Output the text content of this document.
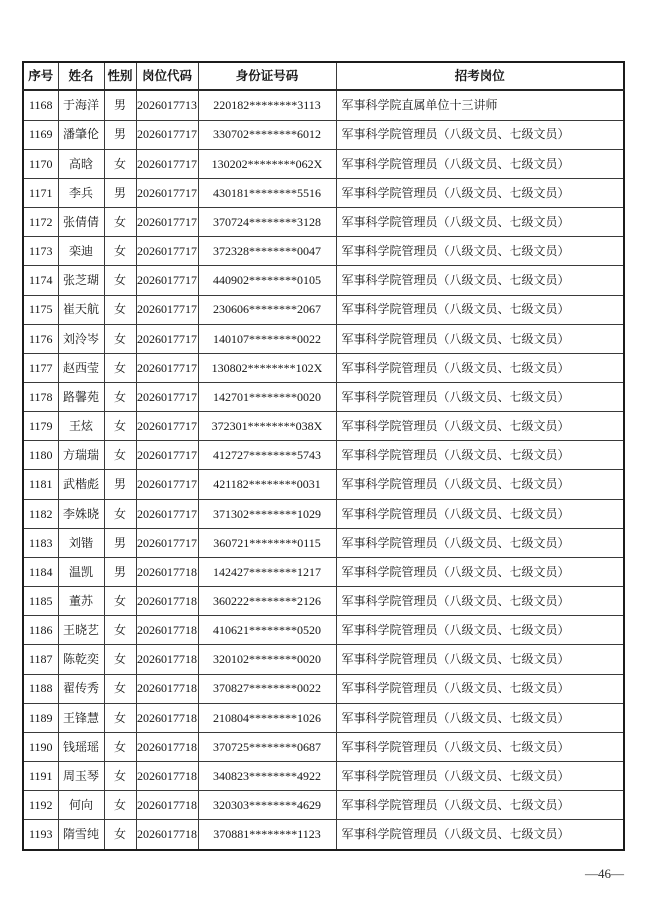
序号	姓名	性别	岗位代码	身份证号码	招考岗位
1168	于海洋	男	2026017713	220182********3113	军事科学院直属单位十三讲师
1169	潘肇伦	男	2026017717	330702********6012	军事科学院管理员（八级文员、七级文员）
1170	高晗	女	2026017717	130202********062X	军事科学院管理员（八级文员、七级文员）
1171	李兵	男	2026017717	430181********5516	军事科学院管理员（八级文员、七级文员）
1172	张倩倩	女	2026017717	370724********3128	军事科学院管理员（八级文员、七级文员）
1173	栾迪	女	2026017717	372328********0047	军事科学院管理员（八级文员、七级文员）
1174	张芝瑚	女	2026017717	440902********0105	军事科学院管理员（八级文员、七级文员）
1175	崔天航	女	2026017717	230606********2067	军事科学院管理员（八级文员、七级文员）
1176	刘泠岑	女	2026017717	140107********0022	军事科学院管理员（八级文员、七级文员）
1177	赵西莹	女	2026017717	130802********102X	军事科学院管理员（八级文员、七级文员）
1178	路馨苑	女	2026017717	142701********0020	军事科学院管理员（八级文员、七级文员）
1179	王炫	女	2026017717	372301********038X	军事科学院管理员（八级文员、七级文员）
1180	方瑞瑞	女	2026017717	412727********5743	军事科学院管理员（八级文员、七级文员）
1181	武楷彪	男	2026017717	421182********0031	军事科学院管理员（八级文员、七级文员）
1182	李姝晓	女	2026017717	371302********1029	军事科学院管理员（八级文员、七级文员）
1183	刘锴	男	2026017717	360721********0115	军事科学院管理员（八级文员、七级文员）
1184	温凯	男	2026017718	142427********1217	军事科学院管理员（八级文员、七级文员）
1185	董苏	女	2026017718	360222********2126	军事科学院管理员（八级文员、七级文员）
1186	王晓艺	女	2026017718	410621********0520	军事科学院管理员（八级文员、七级文员）
1187	陈乾奕	女	2026017718	320102********0020	军事科学院管理员（八级文员、七级文员）
1188	翟传秀	女	2026017718	370827********0022	军事科学院管理员（八级文员、七级文员）
1189	王锋慧	女	2026017718	210804********1026	军事科学院管理员（八级文员、七级文员）
1190	钱瑶瑶	女	2026017718	370725********0687	军事科学院管理员（八级文员、七级文员）
1191	周玉琴	女	2026017718	340823********4922	军事科学院管理员（八级文员、七级文员）
1192	何向	女	2026017718	320303********4629	军事科学院管理员（八级文员、七级文员）
1193	隋雪纯	女	2026017718	370881********1123	军事科学院管理员（八级文员、七级文员）
—46—
